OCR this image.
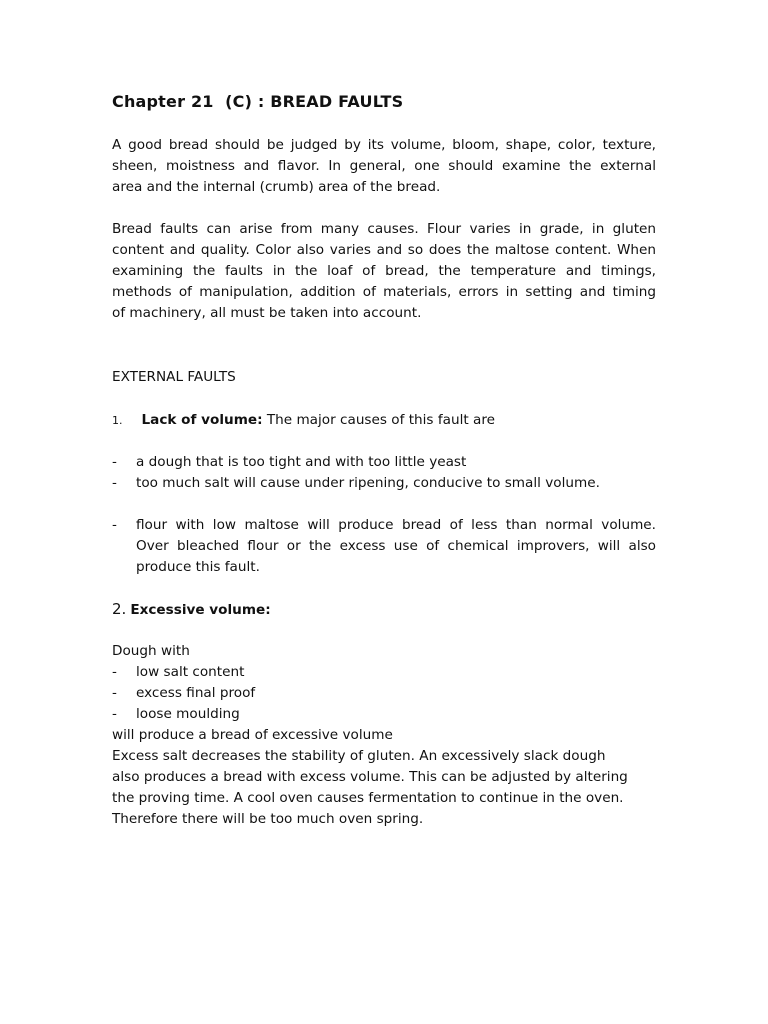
Chapter 21  (C) : BREAD FAULTS
A good bread should be judged by its volume, bloom, shape, color, texture,
sheen, moistness and flavor. In general, one should examine the external
area and the internal (crumb) area of the bread.
Bread faults can arise from many causes. Flour varies in grade, in gluten
content and quality. Color also varies and so does the maltose content. When
examining the faults in the loaf of bread, the temperature and timings,
methods of manipulation, addition of materials, errors in setting and timing
of machinery, all must be taken into account.
EXTERNAL FAULTS
1. Lack of volume: The major causes of this fault are
- a dough that is too tight and with too little yeast
- too much salt will cause under ripening, conducive to small volume.
- flour with low maltose will produce bread of less than normal volume.
Over bleached flour or the excess use of chemical improvers, will also
produce this fault.
2. Excessive volume:
Dough with
- low salt content
- excess final proof
- loose moulding
will produce a bread of excessive volume
Excess salt decreases the stability of gluten. An excessively slack dough
also produces a bread with excess volume. This can be adjusted by altering
the proving time. A cool oven causes fermentation to continue in the oven.
Therefore there will be too much oven spring.
